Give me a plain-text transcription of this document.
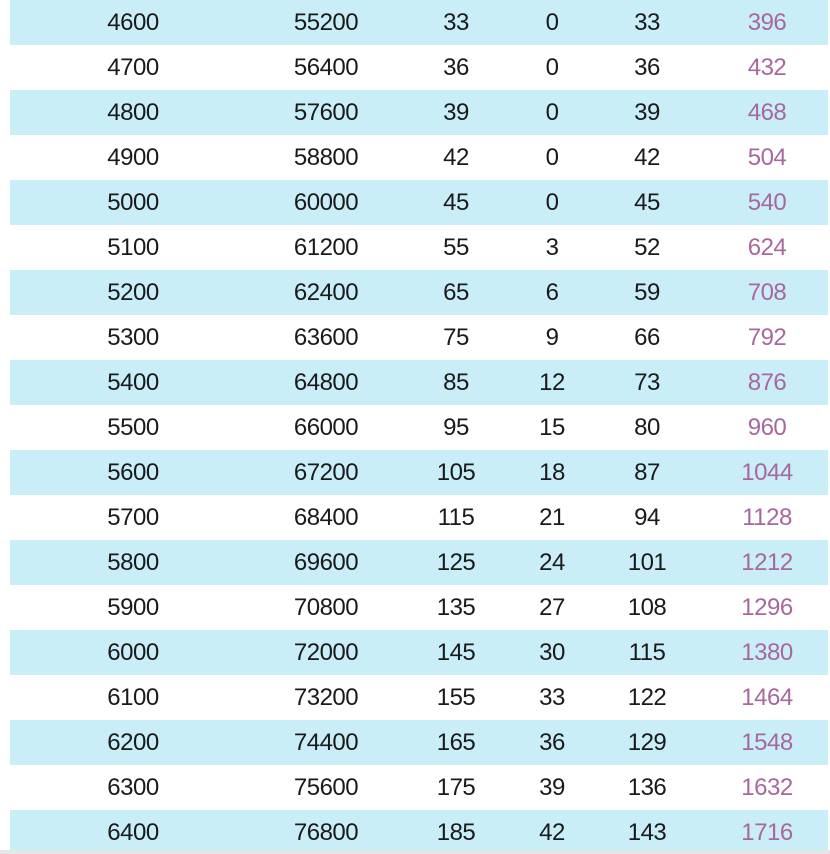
4600	55200	33	0	33	396
4700	56400	36	0	36	432
4800	57600	39	0	39	468
4900	58800	42	0	42	504
5000	60000	45	0	45	540
5100	61200	55	3	52	624
5200	62400	65	6	59	708
5300	63600	75	9	66	792
5400	64800	85	12	73	876
5500	66000	95	15	80	960
5600	67200	105	18	87	1044
5700	68400	115	21	94	1128
5800	69600	125	24	101	1212
5900	70800	135	27	108	1296
6000	72000	145	30	115	1380
6100	73200	155	33	122	1464
6200	74400	165	36	129	1548
6300	75600	175	39	136	1632
6400	76800	185	42	143	1716
